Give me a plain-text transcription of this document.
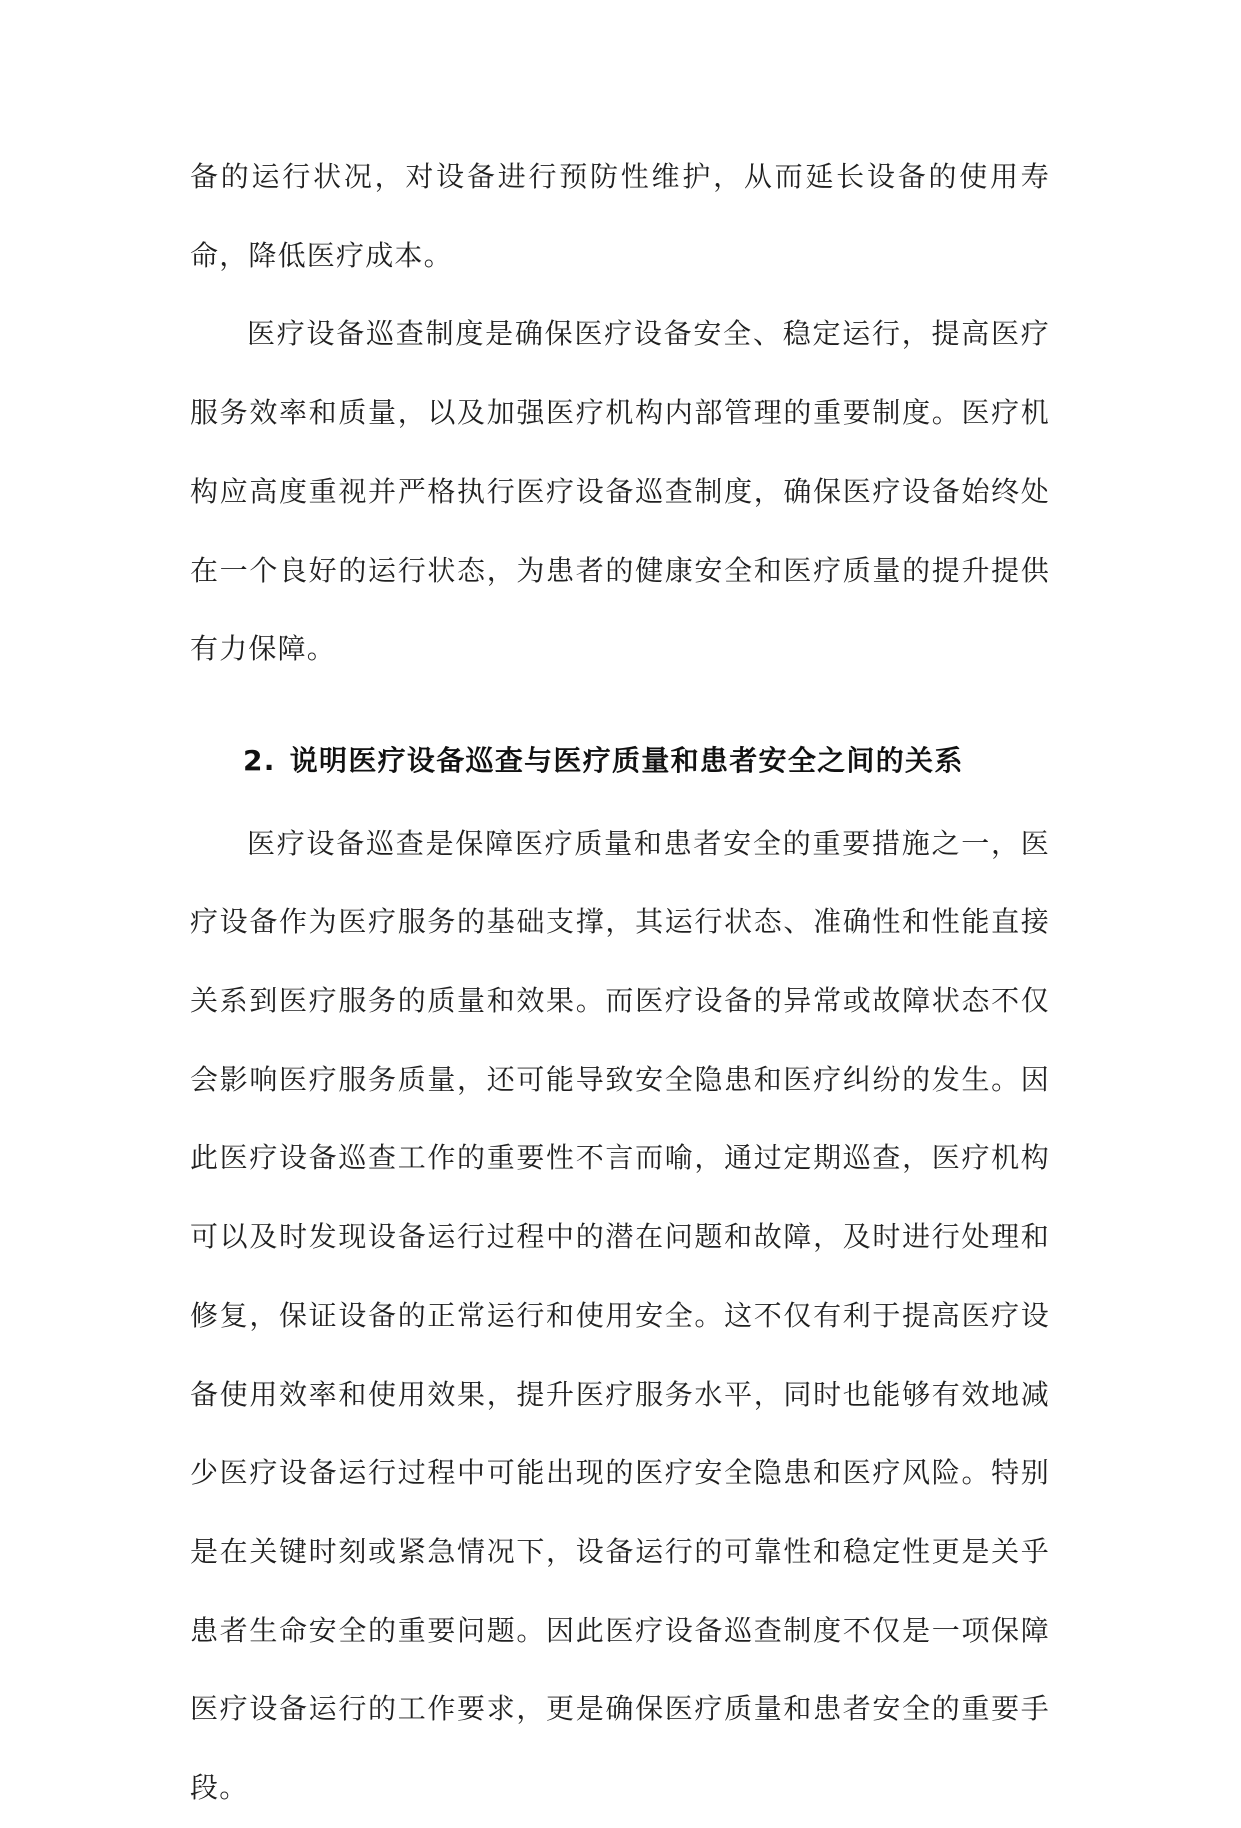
备的运行状况，对设备进行预防性维护，从而延长设备的使用寿命，降低医疗成本。

医疗设备巡查制度是确保医疗设备安全、稳定运行，提高医疗服务效率和质量，以及加强医疗机构内部管理的重要制度。医疗机构应高度重视并严格执行医疗设备巡查制度，确保医疗设备始终处在一个良好的运行状态，为患者的健康安全和医疗质量的提升提供有力保障。

2. 说明医疗设备巡查与医疗质量和患者安全之间的关系

医疗设备巡查是保障医疗质量和患者安全的重要措施之一，医疗设备作为医疗服务的基础支撑，其运行状态、准确性和性能直接关系到医疗服务的质量和效果。而医疗设备的异常或故障状态不仅会影响医疗服务质量，还可能导致安全隐患和医疗纠纷的发生。因此医疗设备巡查工作的重要性不言而喻，通过定期巡查，医疗机构可以及时发现设备运行过程中的潜在问题和故障，及时进行处理和修复，保证设备的正常运行和使用安全。这不仅有利于提高医疗设备使用效率和使用效果，提升医疗服务水平，同时也能够有效地减少医疗设备运行过程中可能出现的医疗安全隐患和医疗风险。特别是在关键时刻或紧急情况下，设备运行的可靠性和稳定性更是关乎患者生命安全的重要问题。因此医疗设备巡查制度不仅是一项保障医疗设备运行的工作要求，更是确保医疗质量和患者安全的重要手段。
